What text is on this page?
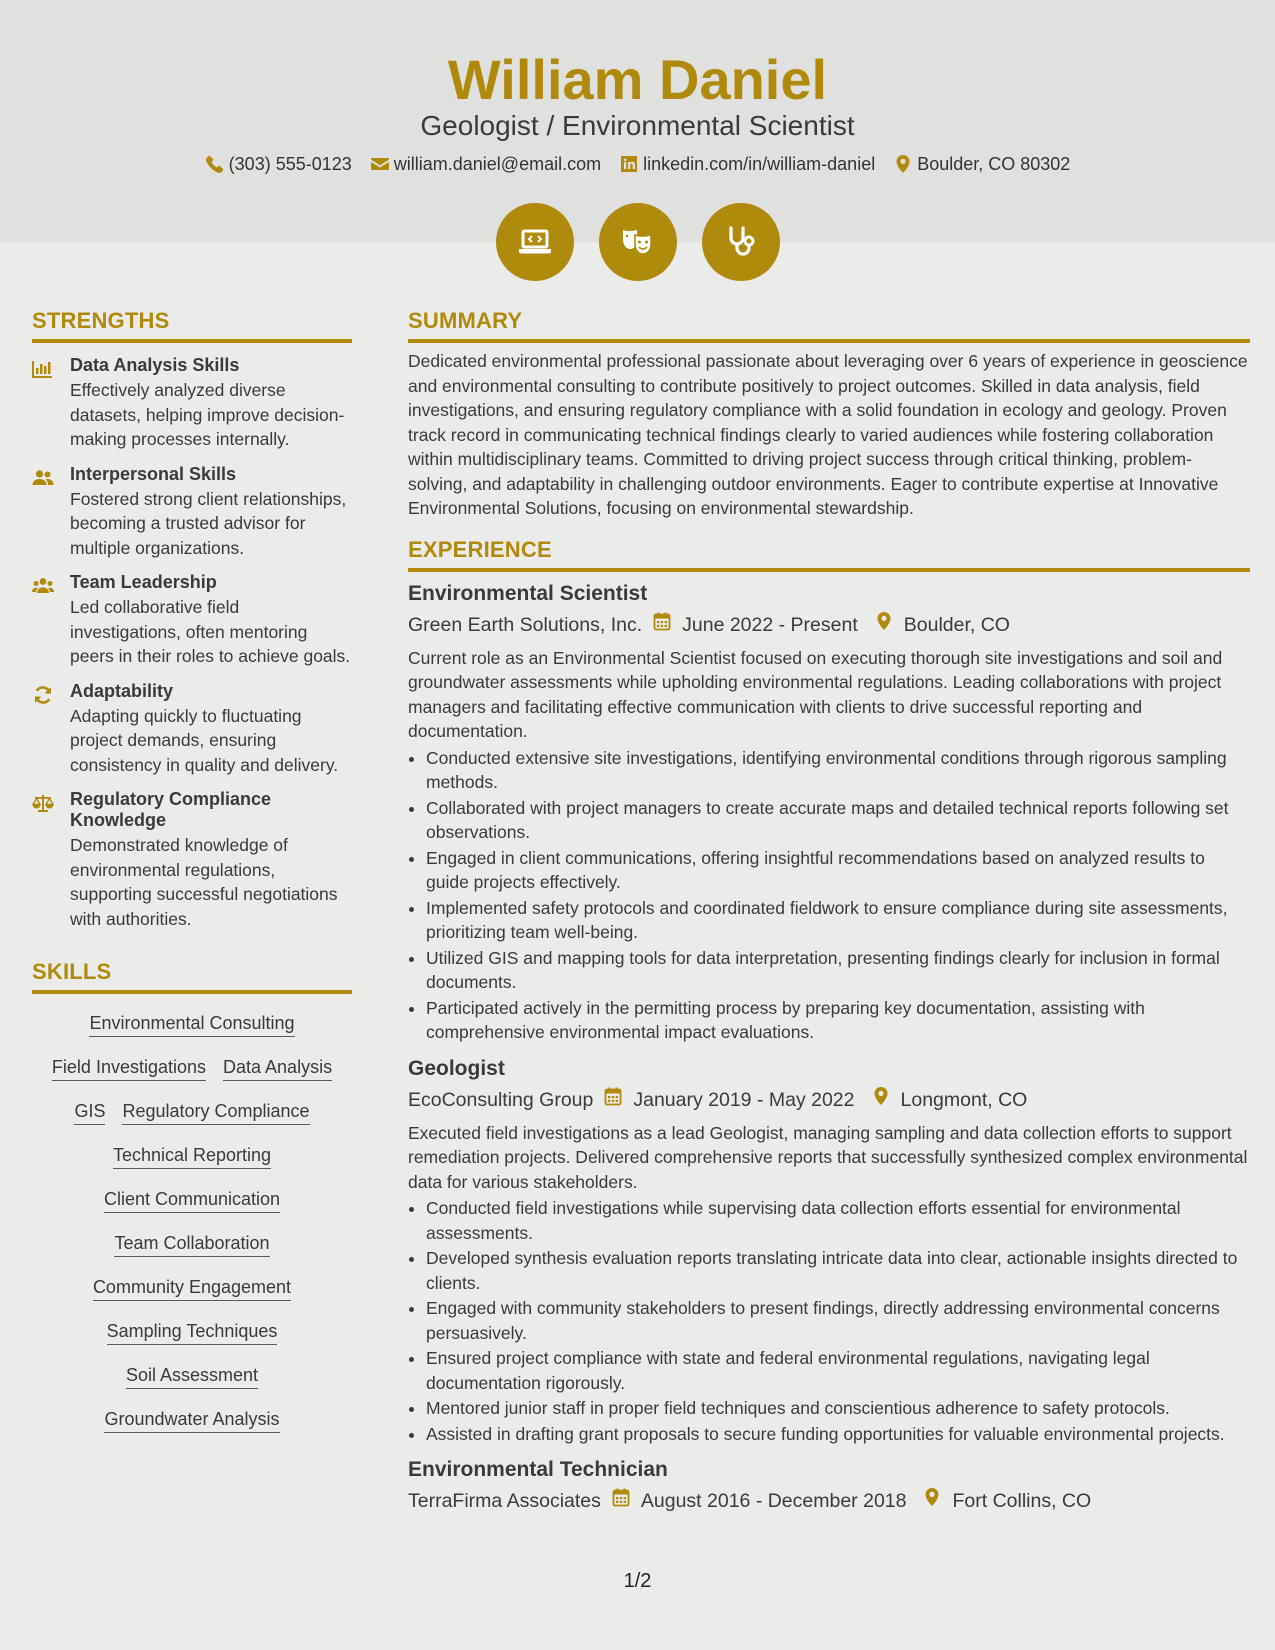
William Daniel
Geologist / Environmental Scientist
(303) 555-0123 william.daniel@email.com linkedin.com/in/william-daniel Boulder, CO 80302
STRENGTHS
Data Analysis Skills
Effectively analyzed diverse datasets, helping improve decision-making processes internally.
Interpersonal Skills
Fostered strong client relationships, becoming a trusted advisor for multiple organizations.
Team Leadership
Led collaborative field investigations, often mentoring peers in their roles to achieve goals.
Adaptability
Adapting quickly to fluctuating project demands, ensuring consistency in quality and delivery.
Regulatory Compliance Knowledge
Demonstrated knowledge of environmental regulations, supporting successful negotiations with authorities.
SKILLS
Environmental Consulting
Field Investigations Data Analysis
GIS Regulatory Compliance
Technical Reporting
Client Communication
Team Collaboration
Community Engagement
Sampling Techniques
Soil Assessment
Groundwater Analysis
SUMMARY
Dedicated environmental professional passionate about leveraging over 6 years of experience in geoscience and environmental consulting to contribute positively to project outcomes. Skilled in data analysis, field investigations, and ensuring regulatory compliance with a solid foundation in ecology and geology. Proven track record in communicating technical findings clearly to varied audiences while fostering collaboration within multidisciplinary teams. Committed to driving project success through critical thinking, problem-solving, and adaptability in challenging outdoor environments. Eager to contribute expertise at Innovative Environmental Solutions, focusing on environmental stewardship.
EXPERIENCE
Environmental Scientist
Green Earth Solutions, Inc. June 2022 - Present Boulder, CO
Current role as an Environmental Scientist focused on executing thorough site investigations and soil and groundwater assessments while upholding environmental regulations. Leading collaborations with project managers and facilitating effective communication with clients to drive successful reporting and documentation.
• Conducted extensive site investigations, identifying environmental conditions through rigorous sampling methods.
• Collaborated with project managers to create accurate maps and detailed technical reports following set observations.
• Engaged in client communications, offering insightful recommendations based on analyzed results to guide projects effectively.
• Implemented safety protocols and coordinated fieldwork to ensure compliance during site assessments, prioritizing team well-being.
• Utilized GIS and mapping tools for data interpretation, presenting findings clearly for inclusion in formal documents.
• Participated actively in the permitting process by preparing key documentation, assisting with comprehensive environmental impact evaluations.
Geologist
EcoConsulting Group January 2019 - May 2022 Longmont, CO
Executed field investigations as a lead Geologist, managing sampling and data collection efforts to support remediation projects. Delivered comprehensive reports that successfully synthesized complex environmental data for various stakeholders.
• Conducted field investigations while supervising data collection efforts essential for environmental assessments.
• Developed synthesis evaluation reports translating intricate data into clear, actionable insights directed to clients.
• Engaged with community stakeholders to present findings, directly addressing environmental concerns persuasively.
• Ensured project compliance with state and federal environmental regulations, navigating legal documentation rigorously.
• Mentored junior staff in proper field techniques and conscientious adherence to safety protocols.
• Assisted in drafting grant proposals to secure funding opportunities for valuable environmental projects.
Environmental Technician
TerraFirma Associates August 2016 - December 2018 Fort Collins, CO
1/2
